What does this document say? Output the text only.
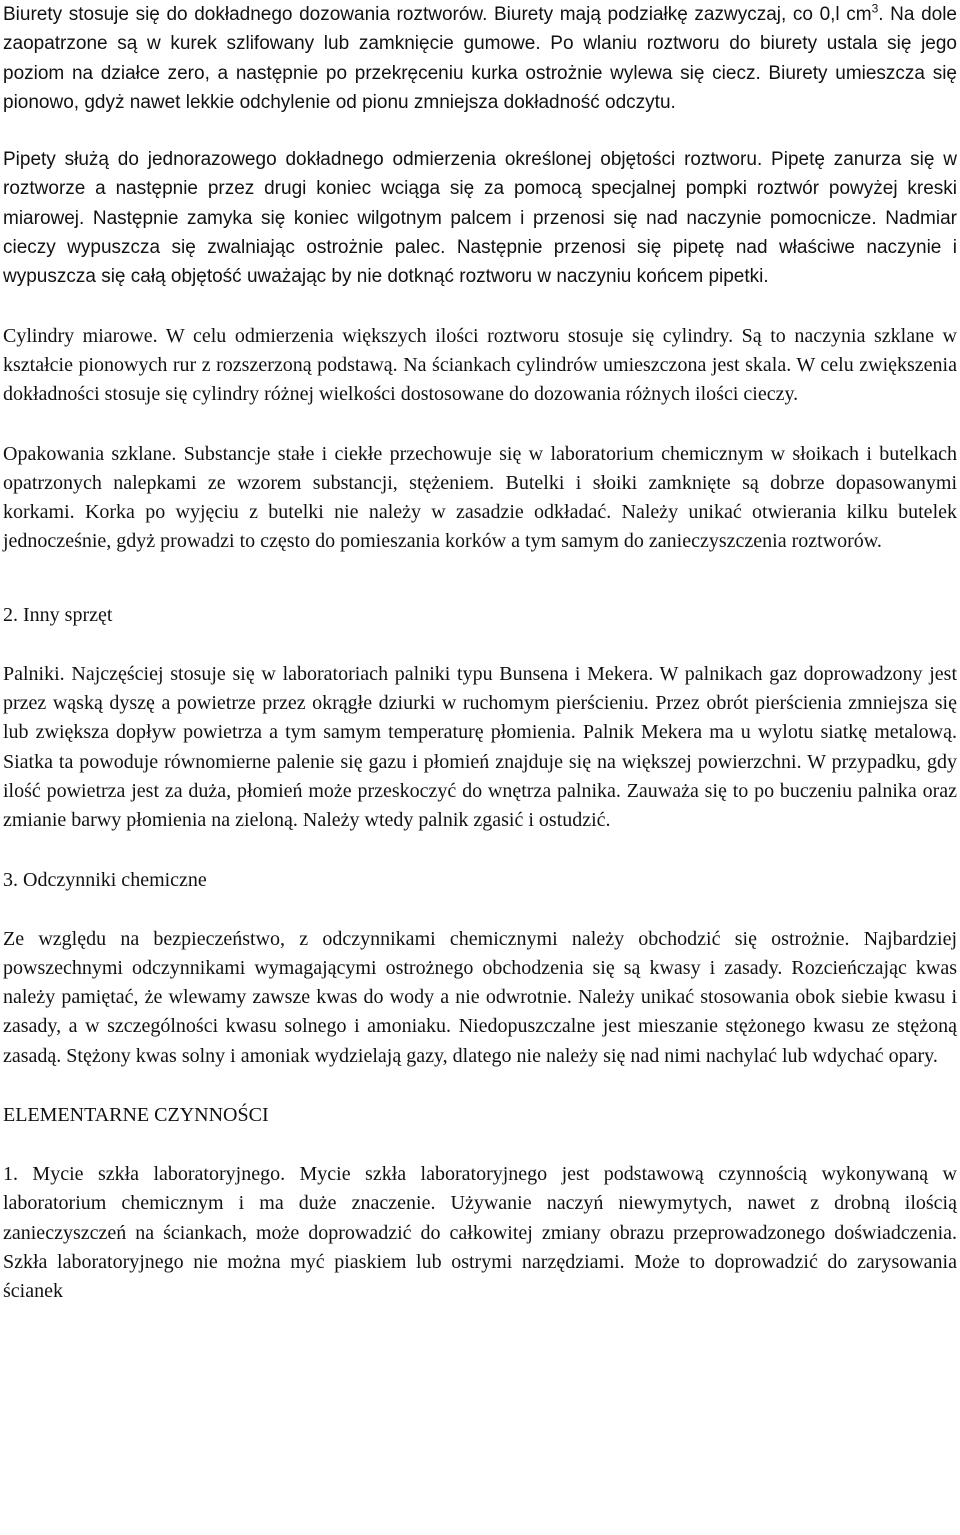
Biurety stosuje się do dokładnego dozowania roztworów. Biurety mają podziałkę zazwyczaj, co 0,l $cm^3$. Na dole zaopatrzone są w kurek szlifowany lub zamknięcie gumowe. Po wlaniu roztworu do biurety ustala się jego poziom na działce zero, a następnie po przekręceniu kurka ostrożnie wylewa się ciecz. Biurety umieszcza się pionowo, gdyż nawet lekkie odchylenie od pionu zmniejsza dokładność odczytu.

Pipety służą do jednorazowego dokładnego odmierzenia określonej objętości roztworu. Pipetę zanurza się w roztworze a następnie przez drugi koniec wciąga się za pomocą specjalnej pompki roztwór powyżej kreski miarowej. Następnie zamyka się koniec wilgotnym palcem i przenosi się nad naczynie pomocnicze. Nadmiar cieczy wypuszcza się zwalniając ostrożnie palec. Następnie przenosi się pipetę nad właściwe naczynie i wypuszcza się całą objętość uważając by nie dotknąć roztworu w naczyniu końcem pipetki.

Cylindry miarowe. W celu odmierzenia większych ilości roztworu stosuje się cylindry. Są to naczynia szklane w kształcie pionowych rur z rozszerzoną podstawą. Na ściankach cylindrów umieszczona jest skala. W celu zwiększenia dokładności stosuje się cylindry różnej wielkości dostosowane do dozowania różnych ilości cieczy.

Opakowania szklane. Substancje stałe i ciekłe przechowuje się w laboratorium chemicznym w słoikach i butelkach opatrzonych nalepkami ze wzorem substancji, stężeniem. Butelki i słoiki zamknięte są dobrze dopasowanymi korkami. Korka po wyjęciu z butelki nie należy w zasadzie odkładać. Należy unikać otwierania kilku butelek jednocześnie, gdyż prowadzi to często do pomieszania korków a tym samym do zanieczyszczenia roztworów.

2. Inny sprzęt

Palniki. Najczęściej stosuje się w laboratoriach palniki typu Bunsena i Mekera. W palnikach gaz doprowadzony jest przez wąską dyszę a powietrze przez okrągłe dziurki w ruchomym pierścieniu. Przez obrót pierścienia zmniejsza się lub zwiększa dopływ powietrza a tym samym temperaturę płomienia. Palnik Mekera ma u wylotu siatkę metalową. Siatka ta powoduje równomierne palenie się gazu i płomień znajduje się na większej powierzchni. W przypadku, gdy ilość powietrza jest za duża, płomień może przeskoczyć do wnętrza palnika. Zauważa się to po buczeniu palnika oraz zmianie barwy płomienia na zieloną. Należy wtedy palnik zgasić i ostudzić.

3. Odczynniki chemiczne

Ze względu na bezpieczeństwo, z odczynnikami chemicznymi należy obchodzić się ostrożnie. Najbardziej powszechnymi odczynnikami wymagającymi ostrożnego obchodzenia się są kwasy i zasady. Rozcieńczając kwas należy pamiętać, że wlewamy zawsze kwas do wody a nie odwrotnie. Należy unikać stosowania obok siebie kwasu i zasady, a w szczególności kwasu solnego i amoniaku. Niedopuszczalne jest mieszanie stężonego kwasu ze stężoną zasadą. Stężony kwas solny i amoniak wydzielają gazy, dlatego nie należy się nad nimi nachylać lub wdychać opary.

ELEMENTARNE CZYNNOŚCI

1. Mycie szkła laboratoryjnego. Mycie szkła laboratoryjnego jest podstawową czynnością wykonywaną w laboratorium chemicznym i ma duże znaczenie. Używanie naczyń niewymytych, nawet z drobną ilością zanieczyszczeń na ściankach, może doprowadzić do całkowitej zmiany obrazu przeprowadzonego doświadczenia. Szkła laboratoryjnego nie można myć piaskiem lub ostrymi narzędziami. Może to doprowadzić do zarysowania ścianek
